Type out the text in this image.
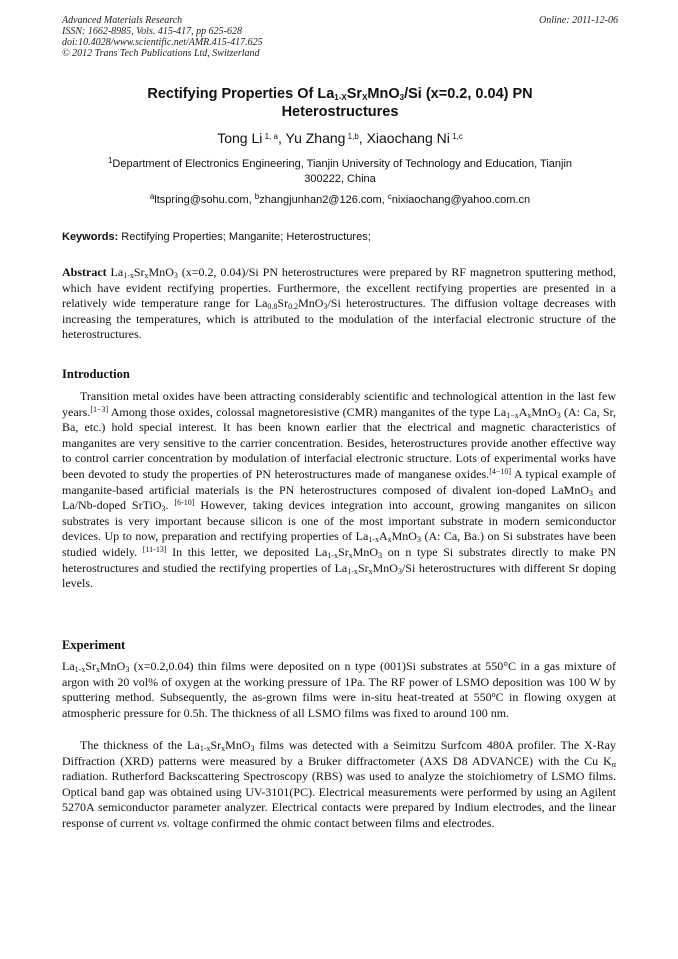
Advanced Materials Research
ISSN: 1662-8985, Vols. 415-417, pp 625-628
doi:10.4028/www.scientific.net/AMR.415-417.625
© 2012 Trans Tech Publications Ltd, Switzerland
Online: 2011-12-06
Rectifying Properties Of $La_{1-X}Sr_XMnO_3/Si$ (x=0.2, 0.04) PN
Heterostructures
Tong Li $^{1, a}$, Yu Zhang $^{1,b}$, Xiaochang Ni $^{1,c}$
$^1$Department of Electronics Engineering, Tianjin University of Technology and Education, Tianjin
300222, China
$^a$ltspring@sohu.com, $^b$zhangjunhan2@126.com, $^c$nixiaochang@yahoo.com.cn
Keywords: Rectifying Properties; Manganite; Heterostructures;
Abstract $La_{1-x}Sr_xMnO_3$ (x=0.2, 0.04)/Si PN heterostructures were prepared by RF magnetron sputtering method, which have evident rectifying properties. Furthermore, the excellent rectifying properties are presented in a relatively wide temperature range for $La_{0.8}Sr_{0.2}MnO_3/Si$ heterostructures. The diffusion voltage decreases with increasing the temperatures, which is attributed to the modulation of the interfacial electronic structure of the heterostructures.
Introduction
Transition metal oxides have been attracting considerably scientific and technological attention in the last few years.[1−3] Among those oxides, colossal magnetoresistive (CMR) manganites of the type $La_{1-x}A_xMnO_3$ (A: Ca, Sr, Ba, etc.) hold special interest. It has been known earlier that the electrical and magnetic characteristics of manganites are very sensitive to the carrier concentration. Besides, heterostructures provide another effective way to control carrier concentration by modulation of interfacial electronic structure. Lots of experimental works have been devoted to study the properties of PN heterostructures made of manganese oxides.[4−10] A typical example of manganite-based artificial materials is the PN heterostructures composed of divalent ion-doped LaMnO$_3$ and La/Nb-doped SrTiO$_3$. [6-10] However, taking devices integration into account, growing manganites on silicon substrates is very important because silicon is one of the most important substrate in modern semiconductor devices. Up to now, preparation and rectifying properties of $La_{1-x}A_xMnO_3$ (A: Ca, Ba.) on Si substrates have been studied widely. [11-13] In this letter, we deposited $La_{1-x}Sr_xMnO_3$ on n type Si substrates directly to make PN heterostructures and studied the rectifying properties of $La_{1-x}Sr_xMnO_3/Si$ heterostructures with different Sr doping levels.
Experiment
$La_{1-x}Sr_xMnO_3$ (x=0.2,0.04) thin films were deposited on n type (001)Si substrates at 550°C in a gas mixture of argon with 20 vol% of oxygen at the working pressure of 1Pa. The RF power of LSMO deposition was 100 W by sputtering method. Subsequently, the as-grown films were in-situ heat-treated at 550$^o$C in flowing oxygen at atmospheric pressure for 0.5h. The thickness of all LSMO films was fixed to around 100 nm.
The thickness of the $La_{1-x}Sr_xMnO_3$ films was detected with a Seimitzu Surfcom 480A profiler. The X-Ray Diffraction (XRD) patterns were measured by a Bruker diffractometer (AXS D8 ADVANCE) with the Cu $K_\alpha$ radiation. Rutherford Backscattering Spectroscopy (RBS) was used to analyze the stoichiometry of LSMO films. Optical band gap was obtained using UV-3101(PC). Electrical measurements were performed by using an Agilent 5270A semiconductor parameter analyzer. Electrical contacts were prepared by Indium electrodes, and the linear response of current vs. voltage confirmed the ohmic contact between films and electrodes.
